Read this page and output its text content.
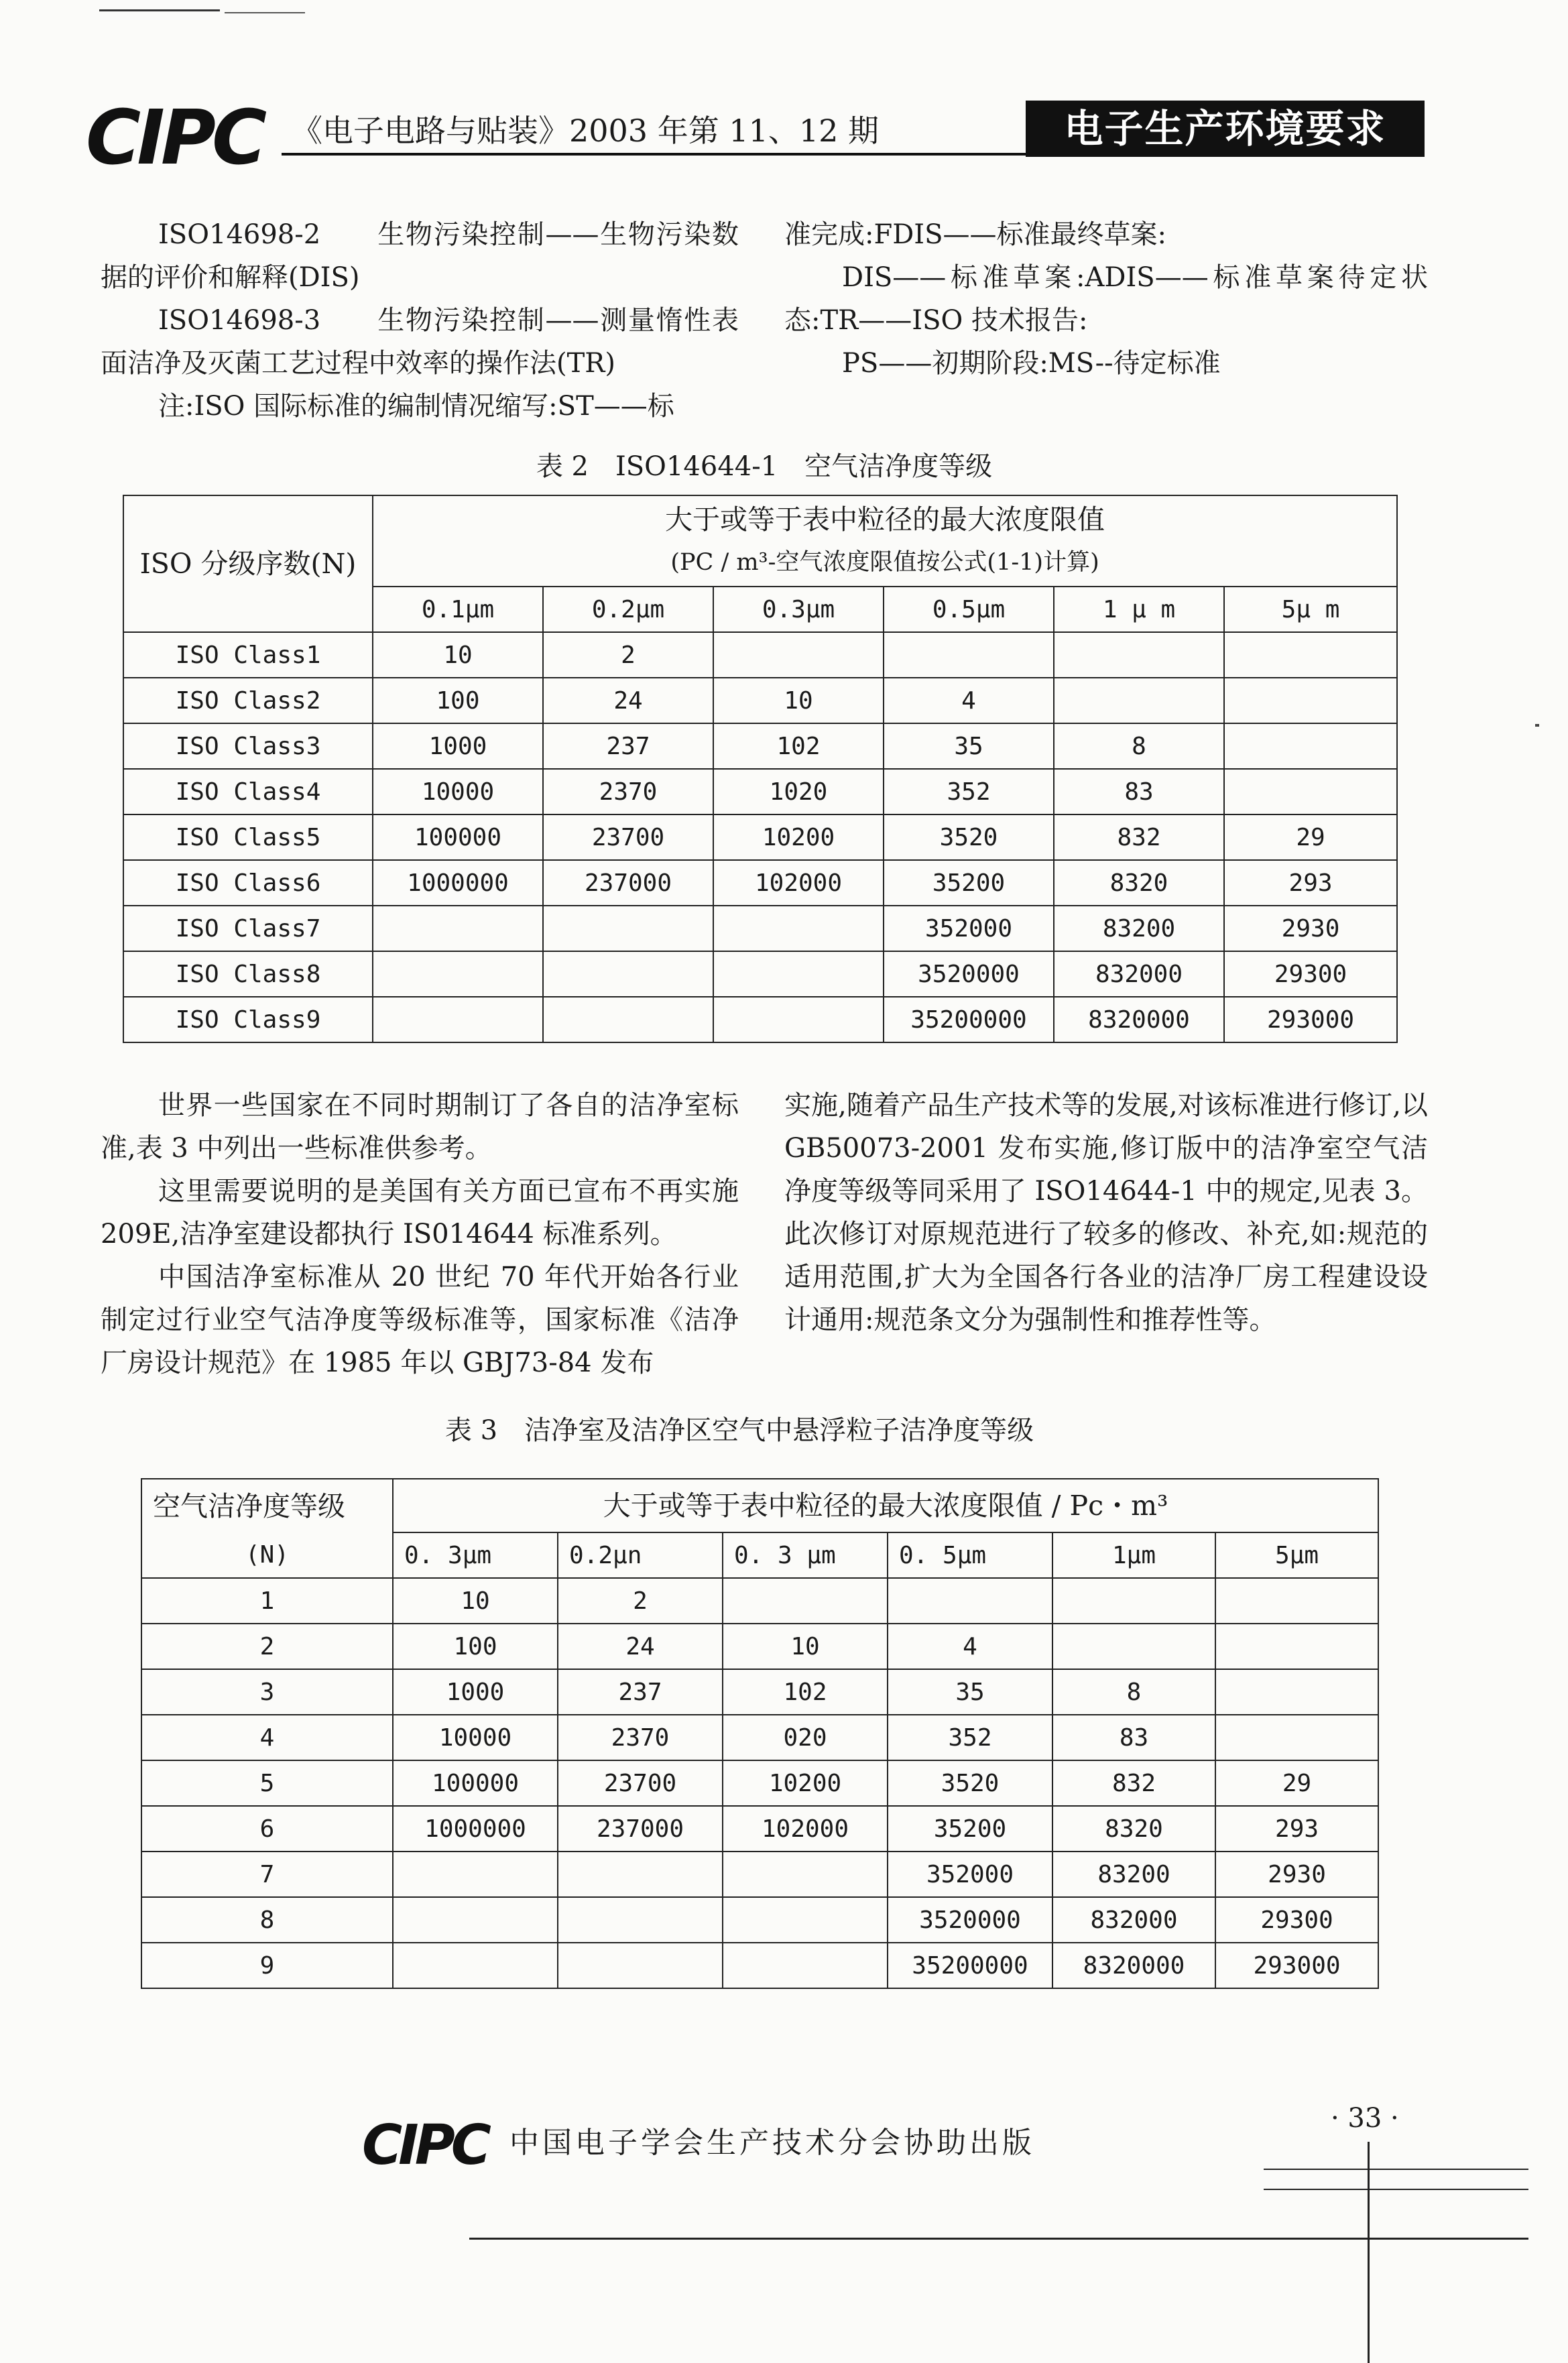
CIPC 《电子电路与贴装》2003 年第 11、12 期	电子生产环境要求

ISO14698-2　　生物污染控制——生物污染数据的评价和解释(DIS)

ISO14698-3　　生物污染控制——测量惰性表面洁净及灭菌工艺过程中效率的操作法(TR)

注:ISO 国际标准的编制情况缩写:ST——标

准完成:FDIS——标准最终草案:

DIS——标准草案:ADIS——标准草案待定状态:TR——ISO 技术报告:

PS——初期阶段:MS--待定标准

表 2　ISO14644-1　空气洁净度等级
ISO 分级序数(N)	大于或等于表中粒径的最大浓度限值
(PC / m³-空气浓度限值按公式(1-1)计算)					

	0.1μm	0.2μm	0.3μm	0.5μm	1 μ m	5μ m
ISO Class1	10	2				
ISO Class2	100	24	10	4		
ISO Class3	1000	237	102	35	8	
ISO Class4	10000	2370	1020	352	83	
ISO Class5	100000	23700	10200	3520	832	29
ISO Class6	1000000	237000	102000	35200	8320	293
ISO Class7				352000	83200	2930
ISO Class8				3520000	832000	29300
ISO Class9				35200000	8320000	293000

世界一些国家在不同时期制订了各自的洁净室标准,表 3 中列出一些标准供参考。

这里需要说明的是美国有关方面已宣布不再实施 209E,洁净室建设都执行 IS014644 标准系列。

中国洁净室标准从 20 世纪 70 年代开始各行业制定过行业空气洁净度等级标准等，国家标准《洁净厂房设计规范》在 1985 年以 GBJ73-84 发布

实施,随着产品生产技术等的发展,对该标准进行修订,以 GB50073-2001 发布实施,修订版中的洁净室空气洁净度等级等同采用了 ISO14644-1 中的规定,见表 3。此次修订对原规范进行了较多的修改、补充,如:规范的适用范围,扩大为全国各行各业的洁净厂房工程建设设计通用:规范条文分为强制性和推荐性等。

表 3　洁净室及洁净区空气中悬浮粒子洁净度等级
空气洁净度等级	大于或等于表中粒径的最大浓度限值 / Pc・m³					
(N)	0. 3μm	0.2μn	0. 3 μm	0. 5μm	1μm	5μm
1	10	2				
2	100	24	10	4		
3	1000	237	102	35	8	
4	10000	2370	020	352	83	
5	100000	23700	10200	3520	832	29
6	1000000	237000	102000	35200	8320	293
7				352000	83200	2930
8				3520000	832000	29300
9				35200000	8320000	293000
CIPC 中国电子学会生产技术分会协助出版
· 33 ·
